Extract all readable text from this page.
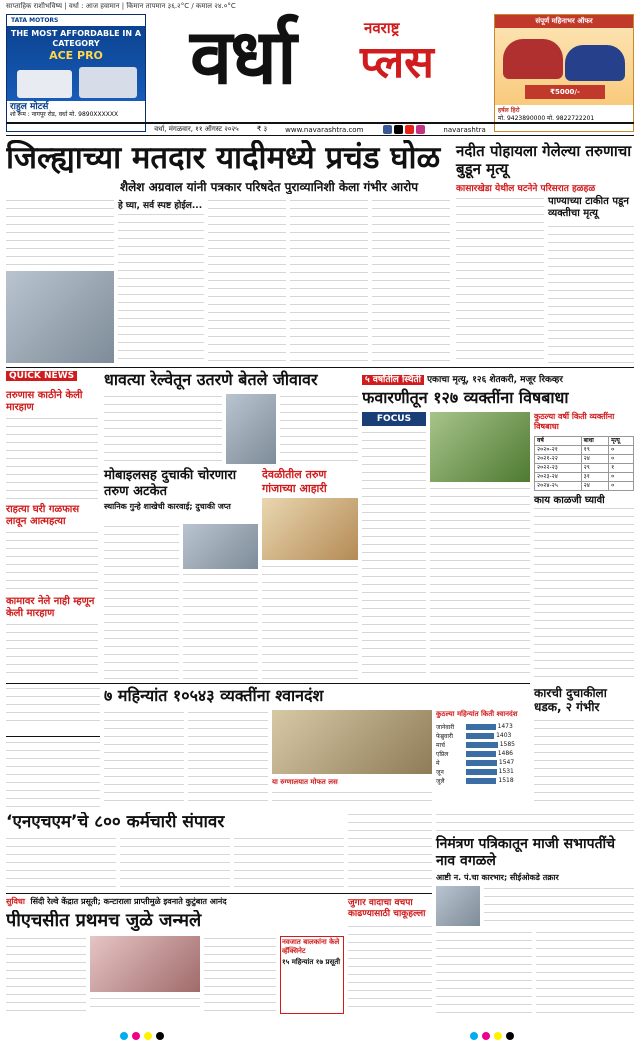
साप्ताहिक राशीभविष्य | वर्धा : आज हवामान | किमान तापमान ३६.२°C / कमाल २४.०°C
TATA MOTORS
THE MOST AFFORDABLE IN A CATEGORY
ACE PRO
राहुल मोटर्स
शो रूम : नागपूर रोड, वर्धा मो. 9890XXXXXX
वर्धा	नवराष्ट्र
प्लस
संपूर्ण महिनाभर ऑफर
₹5000/-
हर्षल हिरो
मो. 9423890000 मो. 9822722201
वर्धा, मंगळवार, ११ ऑगस्ट २०२५	₹ ३	www.navarashtra.com	navarashtra
जिल्ह्याच्या मतदार यादीमध्ये प्रचंड घोळ
शैलेश अग्रवाल यांनी पत्रकार परिषदेत पुराव्यानिशी केला गंभीर आरोप
हे घ्या, सर्व स्पष्ट होईल...
नदीत पोहायला गेलेल्या तरुणाचा बुडून मृत्यू
कासारखेडा येथील घटनेने परिसरात हळहळ
पाण्याच्या टाकीत पडून व्यक्तीचा मृत्यू
QUICK NEWS
तरुणास काठीने केली मारहाण
राहत्या घरी गळफास लावून आत्महत्या
कामावर नेले नाही म्हणून केली मारहाण
धावत्या रेल्वेतून उतरणे बेतले जीवावर
मोबाइलसह दुचाकी चोरणारा तरुण अटकेत
स्थानिक गुन्हे शाखेची कारवाई; दुचाकी जप्त
देवळीतील तरुण गांजाच्या आहारी
५ वर्षांतील स्थिती एकाचा मृत्यू, १२६ शेतकरी, मजूर रिकव्हर
फवारणीतून १२७ व्यक्तींना विषबाधा
FOCUS	कुठल्या वर्षी किती व्यक्तींना विषबाधा
वर्ष	बाधा	मृत्यू
२०२०-२१	१९	०
२०२१-२२	२४	०
२०२२-२३	२९	१
२०२३-२४	३१	०
२०२४-२५	२४	०
काय काळजी घ्यावी
कारची दुचाकीला धडक, २ गंभीर
७ महिन्यांत १०५४३ व्यक्तींना श्वानदंश
या रुग्णालयात मोफत लस
कुठल्या महिन्यांत किती श्वानदंश
जानेवारी	1473
फेब्रुवारी	1403
मार्च	1585
एप्रिल	1486
मे	1547
जून	1531
जुलै	1518
‘एनएचएम’चे ८०० कर्मचारी संपावर
निमंत्रण पत्रिकातून माजी सभापतींचे नाव वगळले
आष्टी न. पं.चा कारभार; सीईओकडे तक्रार
सुविधा सिंदी रेल्वे केंद्रात प्रसूती; कन्टाराला प्राप्तीमुळे इवनाते कुटुंबात आनंद
पीएचसीत प्रथमच जुळे जन्मले
नवजात बालकांना केले व्हॅक्सिनेट
१५ महिन्यांत १७ प्रसूती
जुगार वादाचा वचपा काढण्यासाठी चाकूहल्ला
